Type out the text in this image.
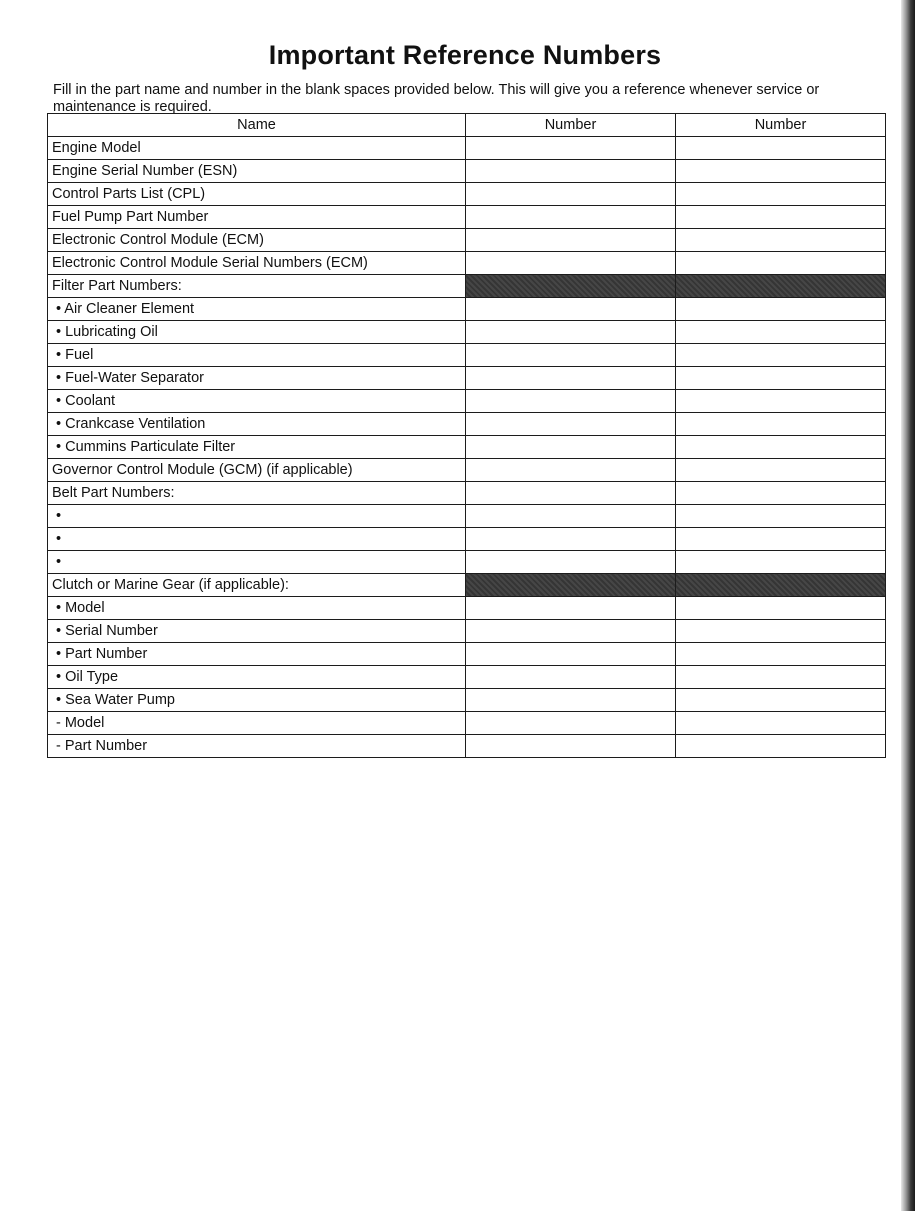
Important Reference Numbers

Fill in the part name and number in the blank spaces provided below. This will give you a reference whenever service or maintenance is required.

Name	Number	Number
Engine Model		
Engine Serial Number (ESN)		
Control Parts List (CPL)		
Fuel Pump Part Number		
Electronic Control Module (ECM)		
Electronic Control Module Serial Numbers (ECM)		
Filter Part Numbers:		
• Air Cleaner Element		
• Lubricating Oil		
• Fuel		
• Fuel-Water Separator		
• Coolant		
• Crankcase Ventilation		
• Cummins Particulate Filter		
Governor Control Module (GCM) (if applicable)		
Belt Part Numbers:		
•		
•		
•		
Clutch or Marine Gear (if applicable):		
• Model		
• Serial Number		
• Part Number		
• Oil Type		
• Sea Water Pump		
- Model		
- Part Number		
